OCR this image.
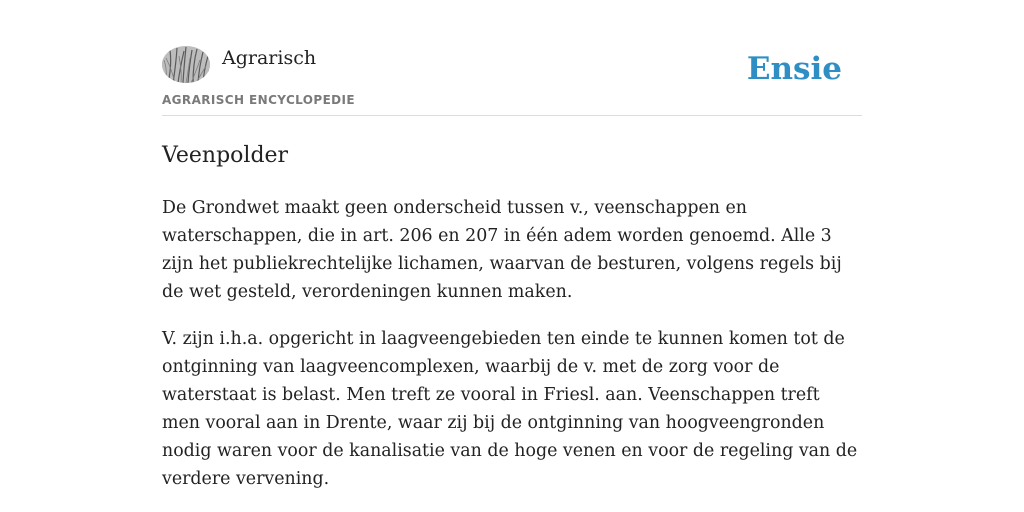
Agrarisch
AGRARISCH ENCYCLOPEDIE
Ensie
Veenpolder

De Grondwet maakt geen onderscheid tussen v., veenschappen en waterschappen, die in art. 206 en 207 in één adem worden genoemd. Alle 3 zijn het publiekrechtelijke lichamen, waarvan de besturen, volgens regels bij de wet gesteld, verordeningen kunnen maken.

V. zijn i.h.a. opgericht in laagveengebieden ten einde te kunnen komen tot de ontginning van laagveencomplexen, waarbij de v. met de zorg voor de waterstaat is belast. Men treft ze vooral in Friesl. aan. Veenschappen treft men vooral aan in Drente, waar zij bij de ontginning van hoogveengronden nodig waren voor de kanalisatie van de hoge venen en voor de regeling van de verdere vervening.
